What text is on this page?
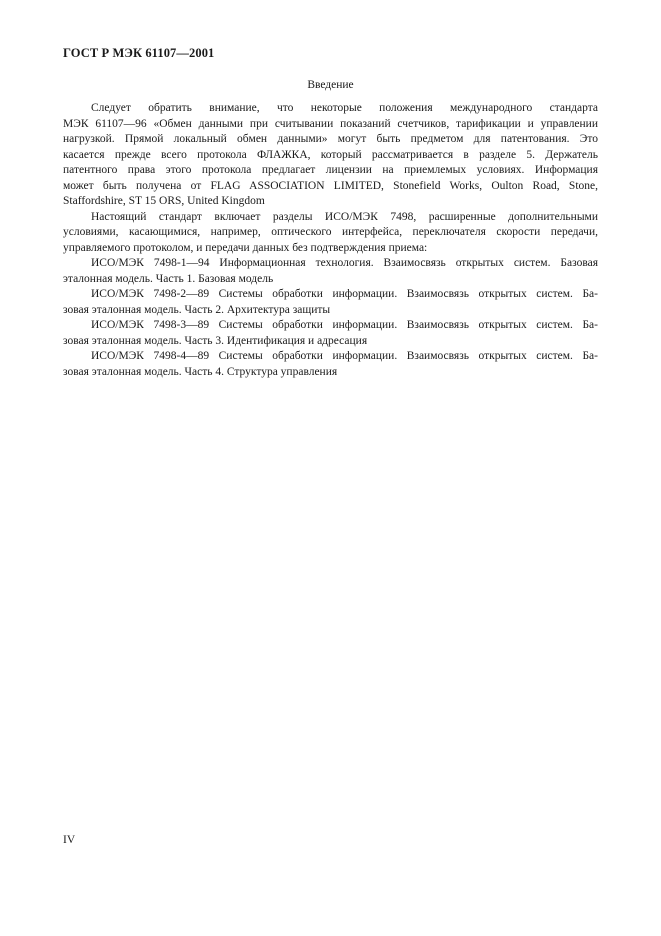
ГОСТ Р МЭК 61107—2001
Введение
Следует обратить внимание, что некоторые положения международного стандарта
МЭК 61107—96 «Обмен данными при считывании показаний счетчиков, тарификации и управлении
нагрузкой. Прямой локальный обмен данными» могут быть предметом для патентования. Это
касается прежде всего протокола ФЛАЖКА, который рассматривается в разделе 5. Держатель
патентного права этого протокола предлагает лицензии на приемлемых условиях. Информация
может быть получена от FLAG ASSOCIATION LIMITED, Stonefield Works, Oulton Road, Stone,
Staffordshire, ST 15 ORS, United Kingdom
Настоящий стандарт включает разделы ИСО/МЭК 7498, расширенные дополнительными
условиями, касающимися, например, оптического интерфейса, переключателя скорости передачи,
управляемого протоколом, и передачи данных без подтверждения приема:
ИСО/МЭК 7498-1—94 Информационная технология. Взаимосвязь открытых систем. Базовая
эталонная модель. Часть 1. Базовая модель
ИСО/МЭК 7498-2—89 Системы обработки информации. Взаимосвязь открытых систем. Ба-
зовая эталонная модель. Часть 2. Архитектура защиты
ИСО/МЭК 7498-3—89 Системы обработки информации. Взаимосвязь открытых систем. Ба-
зовая эталонная модель. Часть 3. Идентификация и адресация
ИСО/МЭК 7498-4—89 Системы обработки информации. Взаимосвязь открытых систем. Ба-
зовая эталонная модель. Часть 4. Структура управления
IV
